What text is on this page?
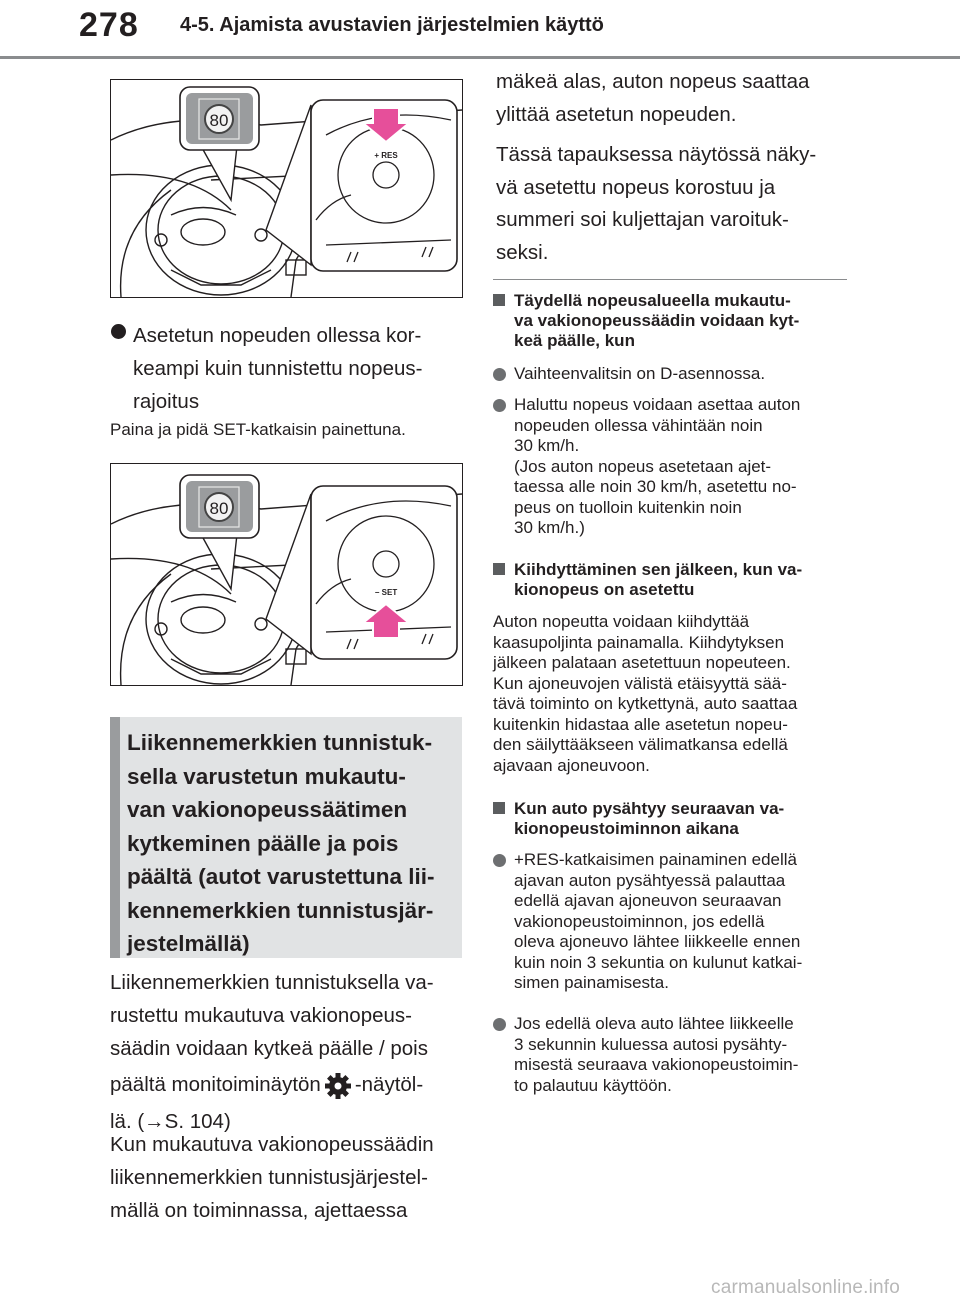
278 4-5. Ajamista avustavien järjestelmien käyttö
80
+ RES
Asetetun nopeuden ollessa kor-
keampi kuin tunnistettu nopeus-
rajoitus
Paina ja pidä SET-katkaisin painettuna.
80
− SET
Liikennemerkkien tunnistuk-
sella varustetun mukautu-
van vakionopeussäätimen
kytkeminen päälle ja pois
päältä (autot varustettuna lii-
kennemerkkien tunnistusjär-
jestelmällä)
Liikennemerkkien tunnistuksella va-
rustettu mukautuva vakionopeus-
säädin voidaan kytkeä päälle / pois
päältä monitoiminäytön -näytöl-
lä. (→S. 104)
Kun mukautuva vakionopeussäädin
liikennemerkkien tunnistusjärjestel-
mällä on toiminnassa, ajettaessa
mäkeä alas, auton nopeus saattaa
ylittää asetetun nopeuden.
Tässä tapauksessa näytössä näky-
vä asetettu nopeus korostuu ja
summeri soi kuljettajan varoituk-
seksi.
Täydellä nopeusalueella mukautu-
va vakionopeussäädin voidaan kyt-
keä päälle, kun
Vaihteenvalitsin on D-asennossa.
Haluttu nopeus voidaan asettaa auton
nopeuden ollessa vähintään noin
30 km/h.
(Jos auton nopeus asetetaan ajet-
taessa alle noin 30 km/h, asetettu no-
peus on tuolloin kuitenkin noin
30 km/h.)
Kiihdyttäminen sen jälkeen, kun va-
kionopeus on asetettu
Auton nopeutta voidaan kiihdyttää
kaasupoljinta painamalla. Kiihdytyksen
jälkeen palataan asetettuun nopeuteen.
Kun ajoneuvojen välistä etäisyyttä sää-
tävä toiminto on kytkettynä, auto saattaa
kuitenkin hidastaa alle asetetun nopeu-
den säilyttääkseen välimatkansa edellä
ajavaan ajoneuvoon.
Kun auto pysähtyy seuraavan va-
kionopeustoiminnon aikana
+RES-katkaisimen painaminen edellä
ajavan auton pysähtyessä palauttaa
edellä ajavan ajoneuvon seuraavan
vakionopeustoiminnon, jos edellä
oleva ajoneuvo lähtee liikkeelle ennen
kuin noin 3 sekuntia on kulunut katkai-
simen painamisesta.
Jos edellä oleva auto lähtee liikkeelle
3 sekunnin kuluessa autosi pysähty-
misestä seuraava vakionopeustoimin-
to palautuu käyttöön.
carmanualsonline.info
